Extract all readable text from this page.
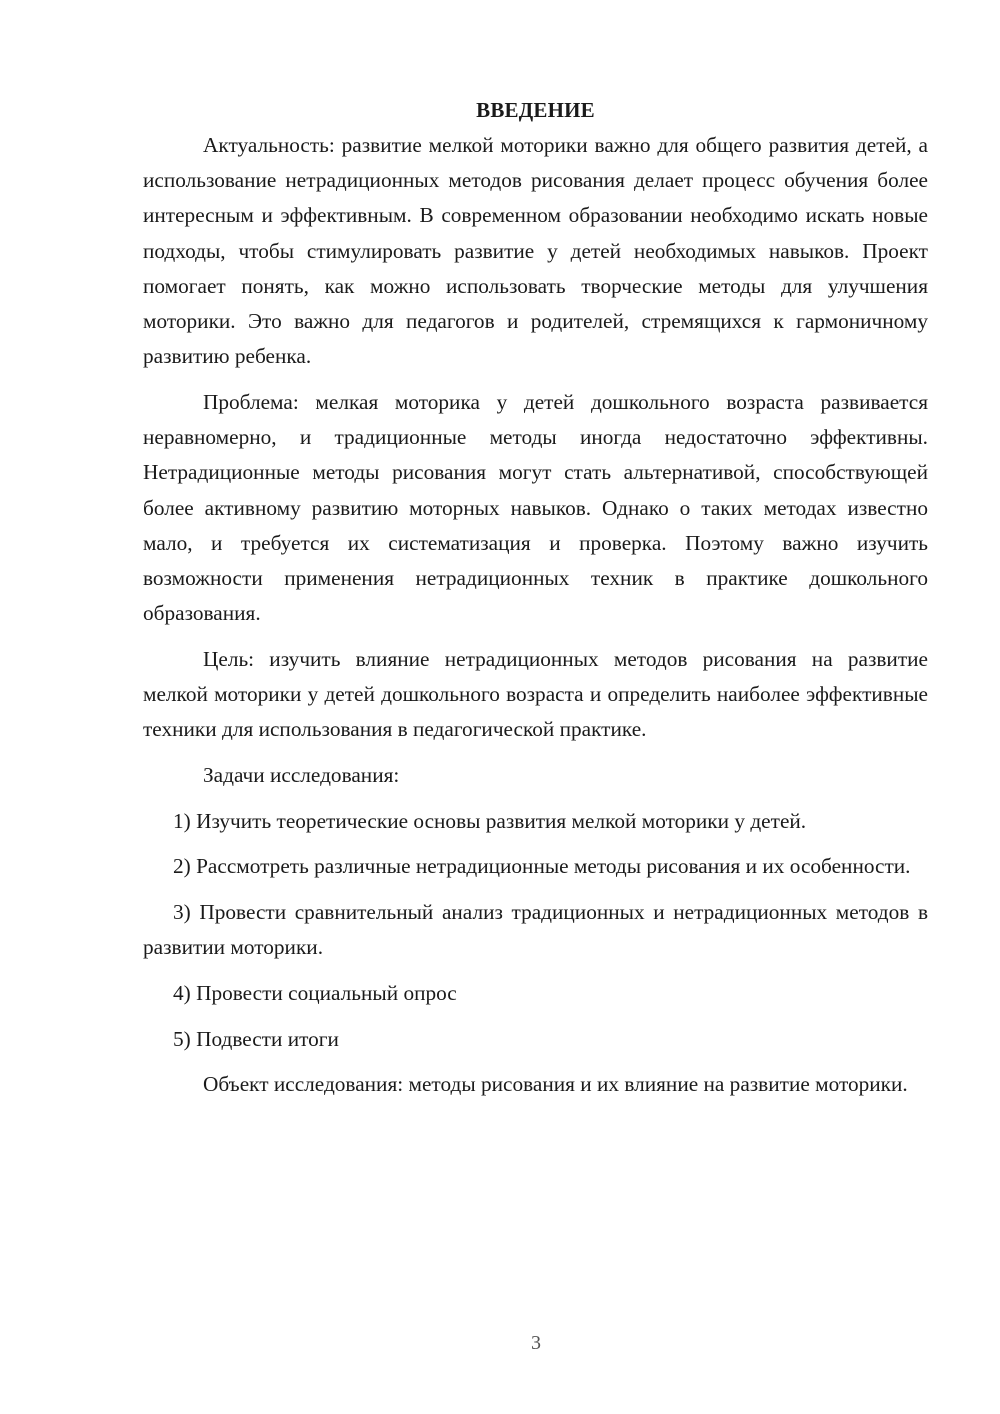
ВВЕДЕНИЕ

Актуальность: развитие мелкой моторики важно для общего развития детей, а использование нетрадиционных методов рисования делает процесс обучения более интересным и эффективным. В современном образовании необходимо искать новые подходы, чтобы стимулировать развитие у детей необходимых навыков. Проект помогает понять, как можно использовать творческие методы для улучшения моторики. Это важно для педагогов и родителей, стремящихся к гармоничному развитию ребенка.

Проблема: мелкая моторика у детей дошкольного возраста развивается неравномерно, и традиционные методы иногда недостаточно эффективны. Нетрадиционные методы рисования могут стать альтернативой, способствующей более активному развитию моторных навыков. Однако о таких методах известно мало, и требуется их систематизация и проверка. Поэтому важно изучить возможности применения нетрадиционных техник в практике дошкольного образования.

Цель: изучить влияние нетрадиционных методов рисования на развитие мелкой моторики у детей дошкольного возраста и определить наиболее эффективные техники для использования в педагогической практике.

Задачи исследования:

1) Изучить теоретические основы развития мелкой моторики у детей.

2) Рассмотреть различные нетрадиционные методы рисования и их особенности.

3) Провести сравнительный анализ традиционных и нетрадиционных методов в развитии моторики.

4) Провести социальный опрос

5) Подвести итоги

Объект исследования: методы рисования и их влияние на развитие моторики.

3
